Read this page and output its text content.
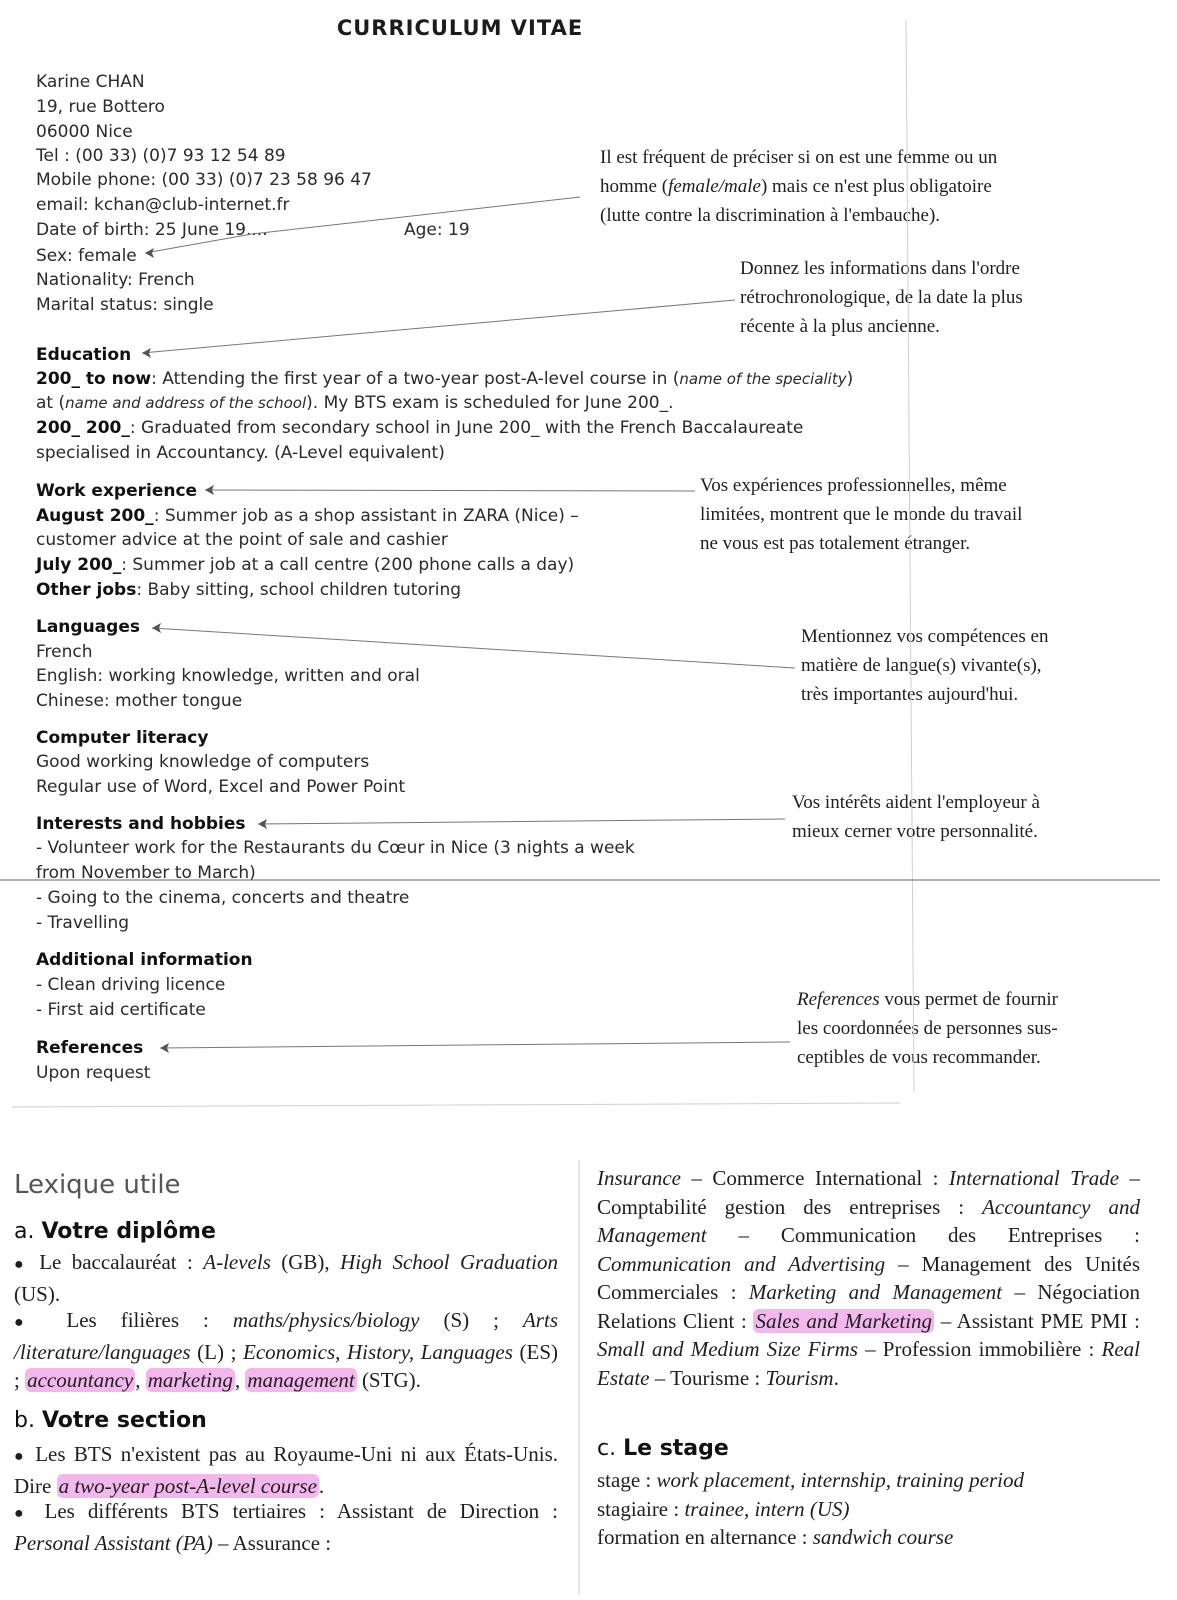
CURRICULUM VITAE
Karine CHAN
19, rue Bottero
06000 Nice
Tel : (00 33) (0)7 93 12 54 89
Mobile phone: (00 33) (0)7 23 58 96 47
email: kchan@club-internet.fr
Date of birth: 25 June 19....	Age: 19
Sex: female
Nationality: French
Marital status: single
Education
200_ to now: Attending the first year of a two-year post-A-level course in (name of the speciality)
at (name and address of the school). My BTS exam is scheduled for June 200_.
200_ 200_: Graduated from secondary school in June 200_ with the French Baccalaureate
specialised in Accountancy. (A-Level equivalent)
Work experience
August 200_: Summer job as a shop assistant in ZARA (Nice) –
customer advice at the point of sale and cashier
July 200_: Summer job at a call centre (200 phone calls a day)
Other jobs: Baby sitting, school children tutoring
Languages
French
English: working knowledge, written and oral
Chinese: mother tongue
Computer literacy
Good working knowledge of computers
Regular use of Word, Excel and Power Point
Interests and hobbies
- Volunteer work for the Restaurants du Cœur in Nice (3 nights a week
from November to March)
- Going to the cinema, concerts and theatre
- Travelling
Additional information
- Clean driving licence
- First aid certificate
References
Upon request
Il est fréquent de préciser si on est une femme ou un
homme (female/male) mais ce n'est plus obligatoire
(lutte contre la discrimination à l'embauche).
Donnez les informations dans l'ordre
rétrochronologique, de la date la plus
récente à la plus ancienne.
Vos expériences professionnelles, même
limitées, montrent que le monde du travail
ne vous est pas totalement étranger.
Mentionnez vos compétences en
matière de langue(s) vivante(s),
très importantes aujourd'hui.
Vos intérêts aident l'employeur à
mieux cerner votre personnalité.
References vous permet de fournir
les coordonnées de personnes sus-
ceptibles de vous recommander.
Lexique utile
a. Votre diplôme
● Le baccalauréat : A-levels (GB), High School Graduation (US).
● Les filières : maths/physics/biology (S) ; Arts /literature/languages (L) ; Economics, History, Languages (ES) ; accountancy, marketing, management (STG).
b. Votre section
● Les BTS n'existent pas au Royaume-Uni ni aux États-Unis. Dire a two-year post-A-level course.
● Les différents BTS tertiaires : Assistant de Direction : Personal Assistant (PA) – Assurance :
Insurance – Commerce International : International Trade – Comptabilité gestion des entreprises : Accountancy and Management – Communication des Entreprises : Communication and Advertising – Management des Unités Commerciales : Marketing and Management – Négociation Relations Client : Sales and Marketing – Assistant PME PMI : Small and Medium Size Firms – Profession immobilière : Real Estate – Tourisme : Tourism.
c. Le stage
stage : work placement, internship, training period
stagiaire : trainee, intern (US)
formation en alternance : sandwich course
